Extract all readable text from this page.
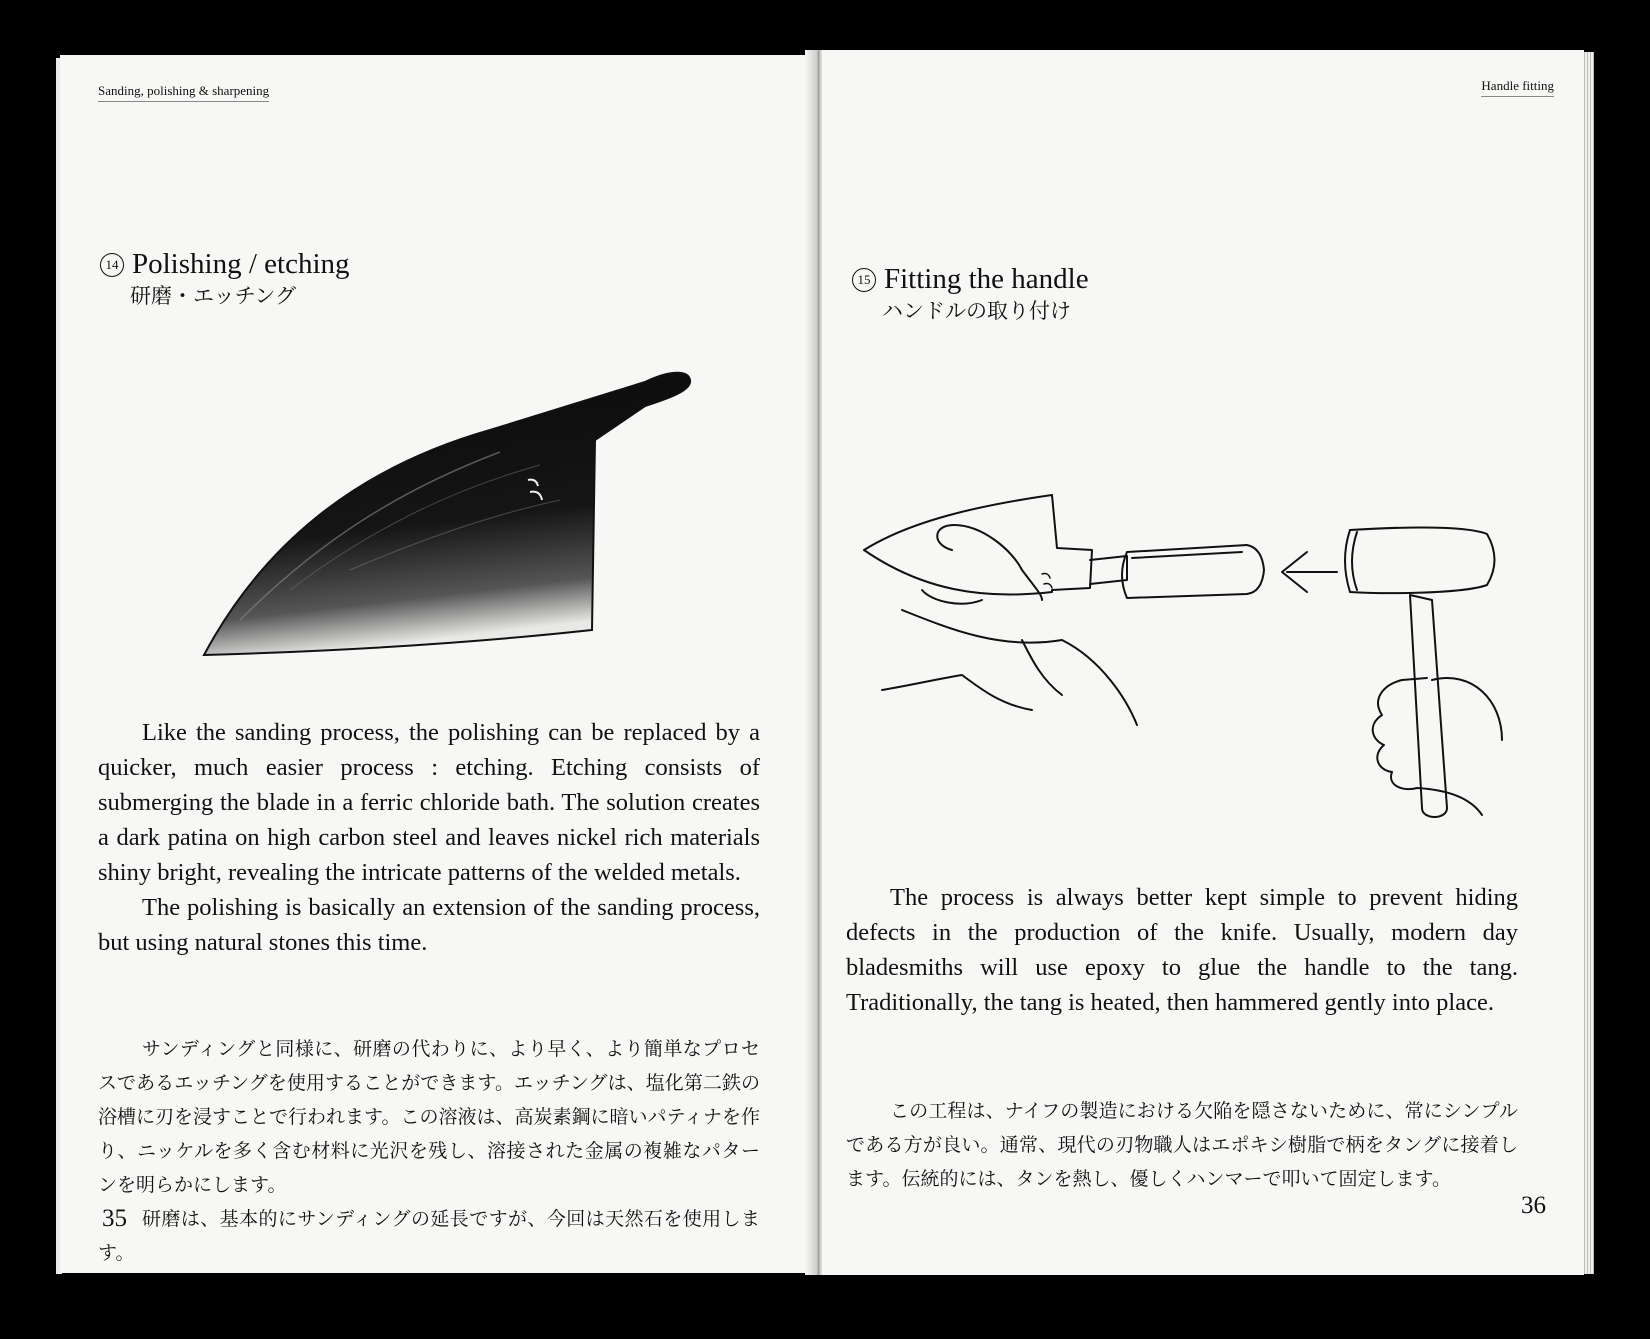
Sanding, polishing & sharpening
14 Polishing / etching
研磨・エッチング

Like the sanding process, the polishing can be replaced by a quicker, much easier process : etching. Etching consists of submerging the blade in a ferric chloride bath. The solution creates a dark patina on high carbon steel and leaves nickel rich materials shiny bright, revealing the intricate patterns of the welded metals.

The polishing is basically an extension of the sanding process, but using natural stones this time.

サンディングと同様に、研磨の代わりに、より早く、より簡単なプロセスであるエッチングを使用することができます。エッチングは、塩化第二鉄の浴槽に刃を浸すことで行われます。この溶液は、高炭素鋼に暗いパティナを作り、ニッケルを多く含む材料に光沢を残し、溶接された金属の複雑なパターンを明らかにします。

研磨は、基本的にサンディングの延長ですが、今回は天然石を使用します。

35
Handle fitting
15 Fitting the handle
ハンドルの取り付け

The process is always better kept simple to prevent hiding defects in the production of the knife. Usually, modern day bladesmiths will use epoxy to glue the handle to the tang. Traditionally, the tang is heated, then hammered gently into place.

この工程は、ナイフの製造における欠陥を隠さないために、常にシンプルである方が良い。通常、現代の刃物職人はエポキシ樹脂で柄をタングに接着します。伝統的には、タンを熱し、優しくハンマーで叩いて固定します。

36
